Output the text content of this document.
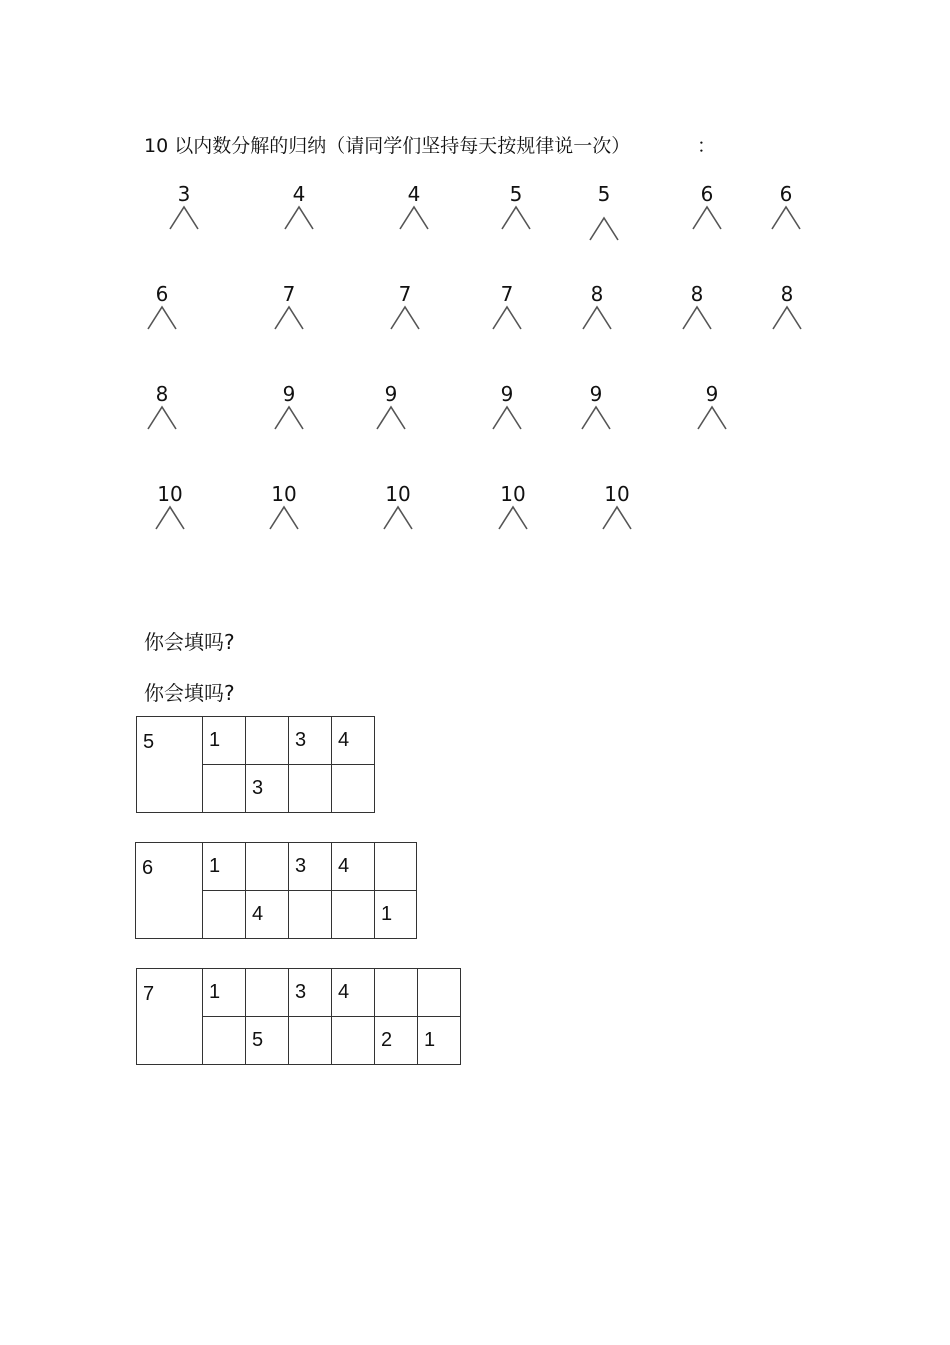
10 以内数分解的归纳（请同学们坚持每天按规律说一次）	：
3	4	4	5	5	6	6
6	7	7	7	8	8	8
8	9	9	9	9	9
10	10	10	10	10
你会填吗?
你会填吗?
5	1		3	4
		3		
6	1		3	4	
		4			1
7	1		3	4		
		5			2	1
